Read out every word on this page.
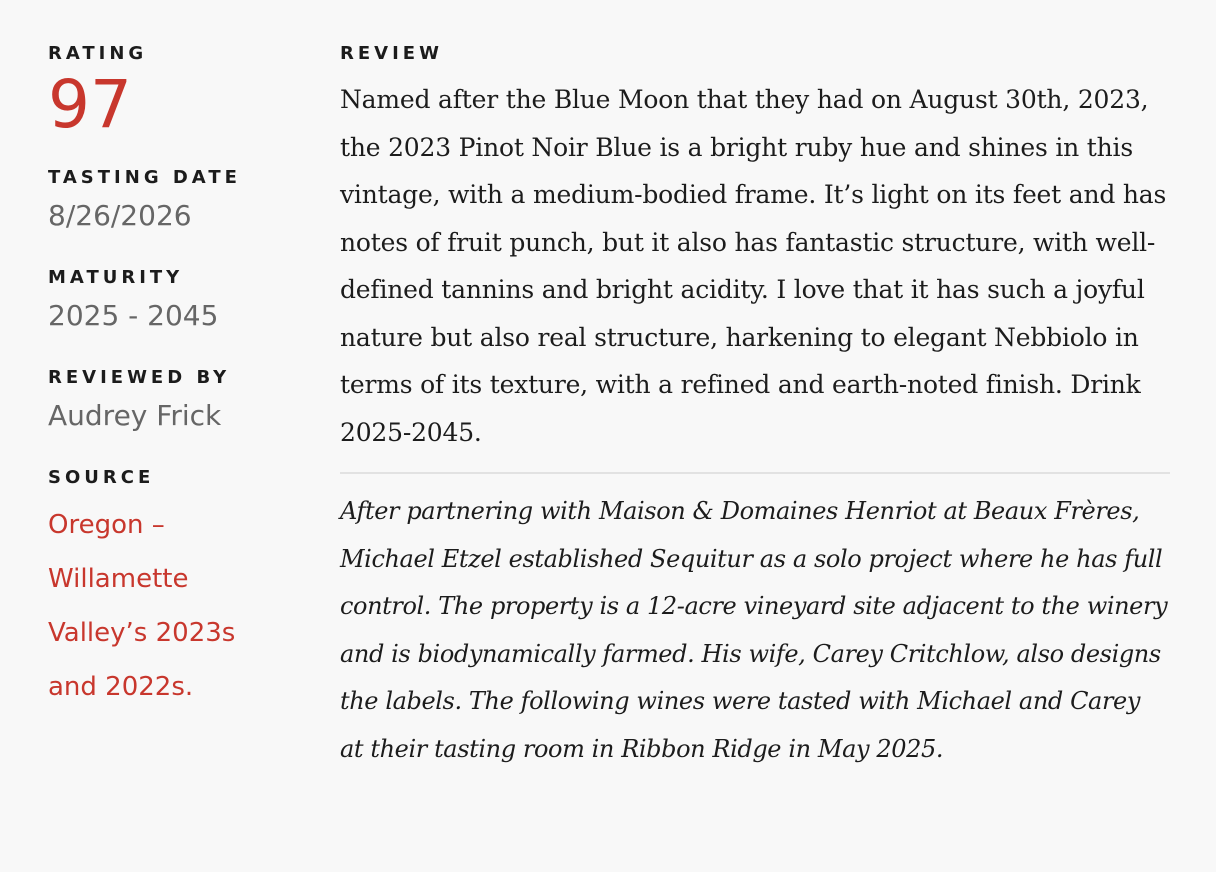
RATING
97
TASTING DATE
8/26/2026
MATURITY
2025 - 2045
REVIEWED BY
Audrey Frick
SOURCE
Oregon – Willamette Valley’s 2023s and 2022s.
REVIEW

Named after the Blue Moon that they had on August 30th, 2023, the 2023 Pinot Noir Blue is a bright ruby hue and shines in this vintage, with a medium-bodied frame. It’s light on its feet and has notes of fruit punch, but it also has fantastic structure, with well-defined tannins and bright acidity. I love that it has such a joyful nature but also real structure, harkening to elegant Nebbiolo in terms of its texture, with a refined and earth-noted finish. Drink 2025-2045.

After partnering with Maison & Domaines Henriot at Beaux Frères, Michael Etzel established Sequitur as a solo project where he has full control. The property is a 12-acre vineyard site adjacent to the winery and is biodynamically farmed. His wife, Carey Critchlow, also designs the labels. The following wines were tasted with Michael and Carey at their tasting room in Ribbon Ridge in May 2025.
